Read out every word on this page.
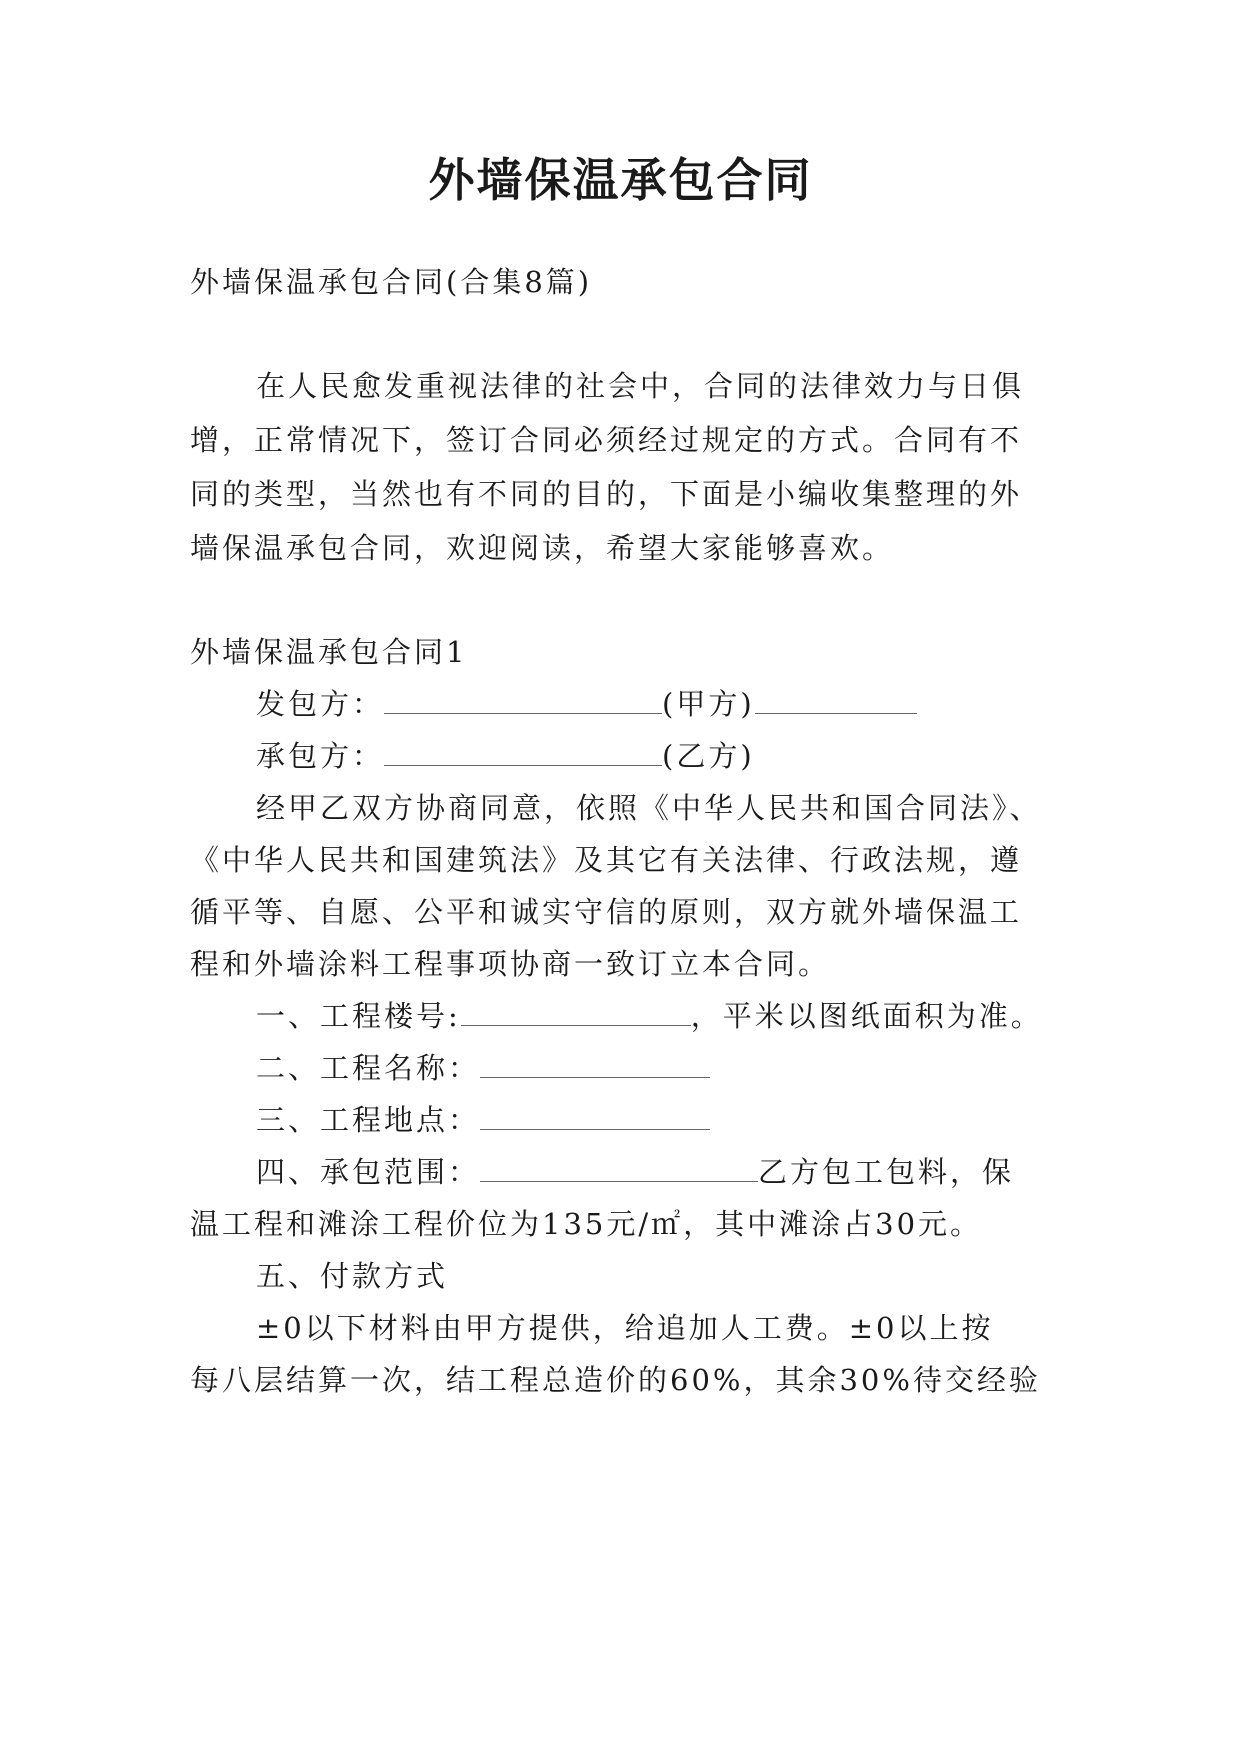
外墙保温承包合同
外墙保温承包合同(合集8篇)
在人民愈发重视法律的社会中，合同的法律效力与日俱
增，正常情况下，签订合同必须经过规定的方式。合同有不
同的类型，当然也有不同的目的，下面是小编收集整理的外
墙保温承包合同，欢迎阅读，希望大家能够喜欢。
外墙保温承包合同1
发包方：	(甲方)
承包方：	(乙方)
经甲乙双方协商同意，依照《中华人民共和国合同法》、
《中华人民共和国建筑法》及其它有关法律、行政法规，遵
循平等、自愿、公平和诚实守信的原则，双方就外墙保温工
程和外墙涂料工程事项协商一致订立本合同。
一、工程楼号:	，平米以图纸面积为准。
二、工程名称：
三、工程地点：
四、承包范围：	乙方包工包料，保
温工程和滩涂工程价位为135元/㎡，其中滩涂占30元。
五、付款方式
±0以下材料由甲方提供，给追加人工费。±0以上按
每八层结算一次，结工程总造价的60%，其余30%待交经验
